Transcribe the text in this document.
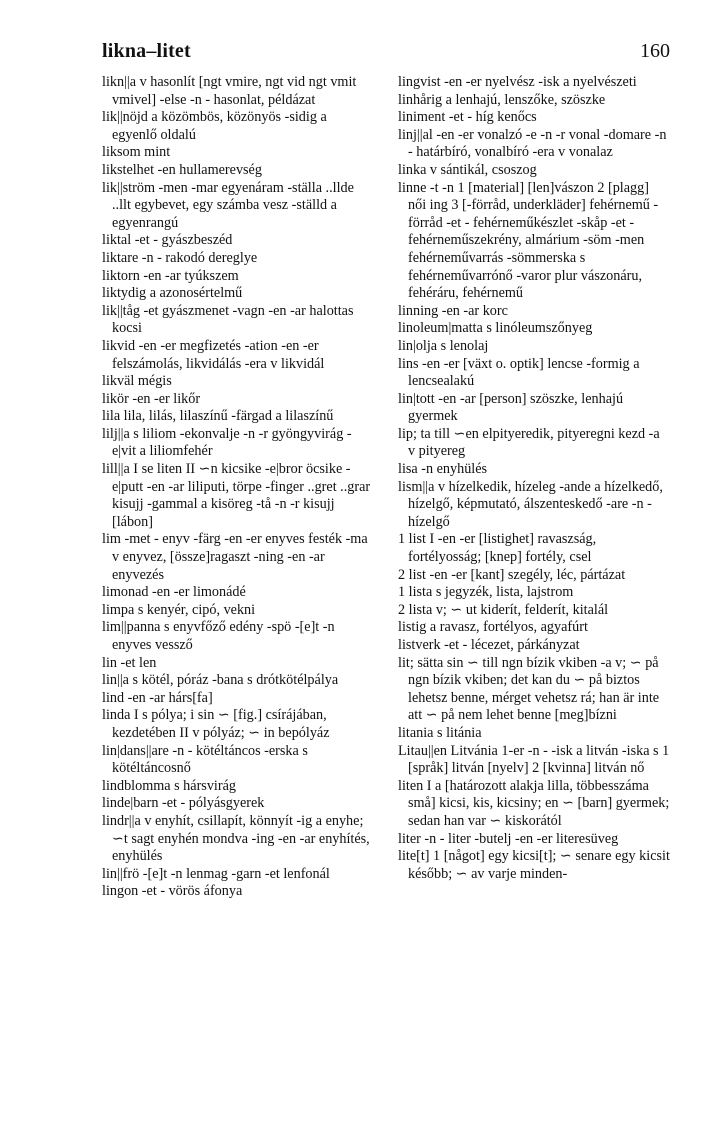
likna–litet	160

likn||a v hasonlít [ngt vmire, ngt vid ngt vmit vmivel] -else -n - hasonlat, példázat

lik||nöjd a közömbös, közönyös -sidig a egyenlő oldalú

liksom mint

likstelhet -en hullamerevség

lik||ström -men -mar egyenáram -ställa ..llde ..llt egybevet, egy számba vesz -ställd a egyenrangú

liktal -et - gyászbeszéd

liktare -n - rakodó dereglye

liktorn -en -ar tyúkszem

liktydig a azonosértelmű

lik||tåg -et gyászmenet -vagn -en -ar halottas kocsi

likvid -en -er megfizetés -ation -en -er felszámolás, likvidálás -era v likvidál

likväl mégis

likör -en -er likőr

lila lila, lilás, lilaszínű -färgad a lilaszínű

lilj||a s liliom -ekonvalje -n -r gyöngyvirág -e|vit a liliomfehér

lill||a I se liten II ∽n kicsike -e|bror öcsike -e|putt -en -ar liliputi, törpe -finger ..gret ..grar kisujj -gammal a kisöreg -tå -n -r kisujj [lábon]

lim -met - enyv -färg -en -er enyves festék -ma v enyvez, [össze]ragaszt -ning -en -ar enyvezés

limonad -en -er limonádé

limpa s kenyér, cipó, vekni

lim||panna s enyvfőző edény -spö -[e]t -n enyves vessző

lin -et len

lin||a s kötél, póráz -bana s drótkötélpálya

lind -en -ar hárs[fa]

linda I s pólya; i sin ∽ [fig.] csírájában, kezdetében II v pólyáz; ∽ in bepólyáz

lin|dans||are -n - kötéltáncos -erska s kötéltáncosnő

lindblomma s hársvirág

linde|barn -et - pólyásgyerek

lindr||a v enyhít, csillapít, könnyít -ig a enyhe; ∽t sagt enyhén mondva -ing -en -ar enyhítés, enyhülés

lin||frö -[e]t -n lenmag -garn -et lenfonál

lingon -et - vörös áfonya

lingvist -en -er nyelvész -isk a nyelvészeti

linhårig a lenhajú, lenszőke, szöszke

liniment -et - híg kenőcs

linj||al -en -er vonalzó -e -n -r vonal -domare -n - határbíró, vonalbíró -era v vonalaz

linka v sántikál, csoszog

linne -t -n 1 [material] [len]vászon 2 [plagg] női ing 3 [-förråd, underkläder] fehérnemű -förråd -et - fehérneműkészlet -skåp -et - fehérneműszekrény, almárium -söm -men fehérneművarrás -sömmerska s fehérneművarrónő -varor plur vászonáru, fehéráru, fehérnemű

linning -en -ar korc

linoleum|matta s linóleumszőnyeg

lin|olja s lenolaj

lins -en -er [växt o. optik] lencse -formig a lencsealakú

lin|tott -en -ar [person] szöszke, lenhajú gyermek

lip; ta till ∽en elpityeredik, pityeregni kezd -a v pityereg

lisa -n enyhülés

lism||a v hízelkedik, hízeleg -ande a hízelkedő, hízelgő, képmutató, álszenteskedő -are -n - hízelgő

1 list I -en -er [listighet] ravaszság, fortélyosság; [knep] fortély, csel

2 list -en -er [kant] szegély, léc, pártázat

1 lista s jegyzék, lista, lajstrom

2 lista v; ∽ ut kiderít, felderít, kitalál

listig a ravasz, fortélyos, agyafúrt

listverk -et - lécezet, párkányzat

lit; sätta sin ∽ till ngn bízik vkiben -a v; ∽ på ngn bízik vkiben; det kan du ∽ på biztos lehetsz benne, mérget vehetsz rá; han är inte att ∽ på nem lehet benne [meg]bízni

litania s litánia

Litau||en Litvánia 1-er -n - -isk a litván -iska s 1 [språk] litván [nyelv] 2 [kvinna] litván nő

liten I a [határozott alakja lilla, többesszáma små] kicsi, kis, kicsiny; en ∽ [barn] gyermek; sedan han var ∽ kiskorától

liter -n - liter -butelj -en -er literesüveg

lite[t] 1 [något] egy kicsi[t]; ∽ senare egy kicsit később; ∽ av varje minden-
